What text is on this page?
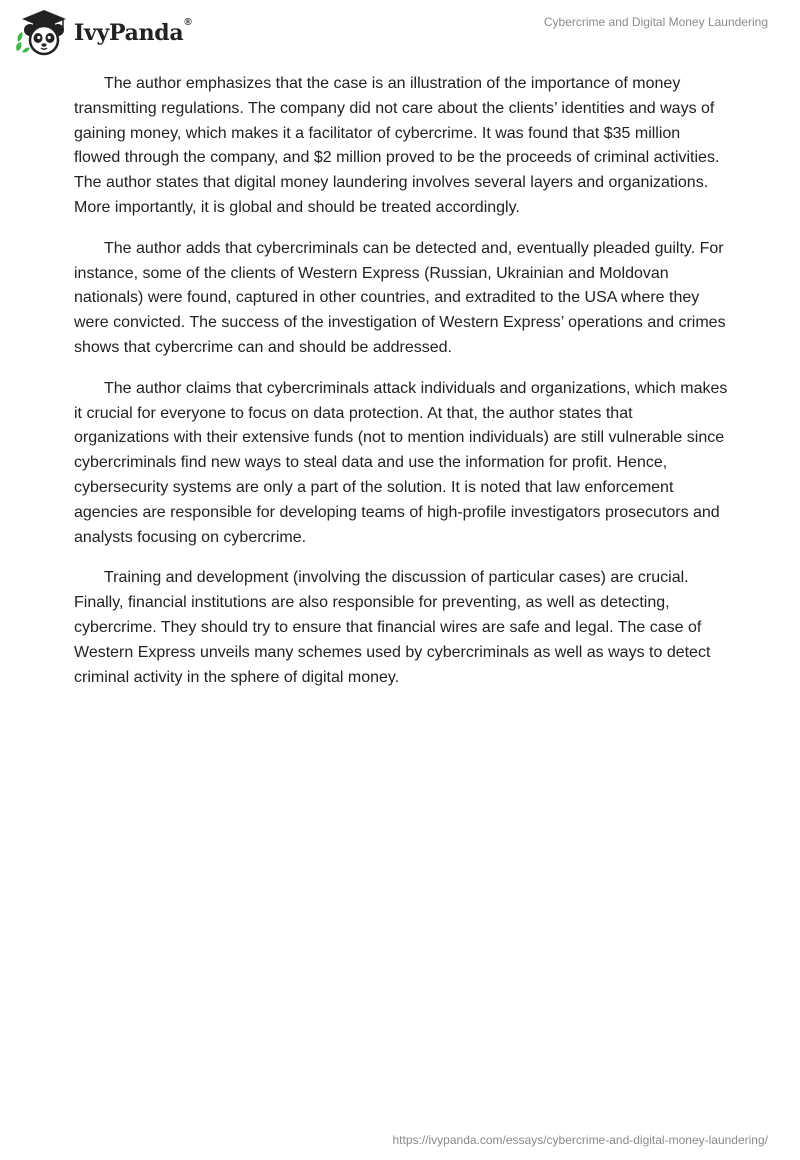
IvyPanda®	Cybercrime and Digital Money Laundering

The author emphasizes that the case is an illustration of the importance of money transmitting regulations. The company did not care about the clients’ identities and ways of gaining money, which makes it a facilitator of cybercrime. It was found that $35 million flowed through the company, and $2 million proved to be the proceeds of criminal activities. The author states that digital money laundering involves several layers and organizations. More importantly, it is global and should be treated accordingly.

The author adds that cybercriminals can be detected and, eventually pleaded guilty. For instance, some of the clients of Western Express (Russian, Ukrainian and Moldovan nationals) were found, captured in other countries, and extradited to the USA where they were convicted. The success of the investigation of Western Express’ operations and crimes shows that cybercrime can and should be addressed.

The author claims that cybercriminals attack individuals and organizations, which makes it crucial for everyone to focus on data protection. At that, the author states that organizations with their extensive funds (not to mention individuals) are still vulnerable since cybercriminals find new ways to steal data and use the information for profit. Hence, cybersecurity systems are only a part of the solution. It is noted that law enforcement agencies are responsible for developing teams of high-profile investigators prosecutors and analysts focusing on cybercrime.

Training and development (involving the discussion of particular cases) are crucial. Finally, financial institutions are also responsible for preventing, as well as detecting, cybercrime. They should try to ensure that financial wires are safe and legal. The case of Western Express unveils many schemes used by cybercriminals as well as ways to detect criminal activity in the sphere of digital money.

https://ivypanda.com/essays/cybercrime-and-digital-money-laundering/
